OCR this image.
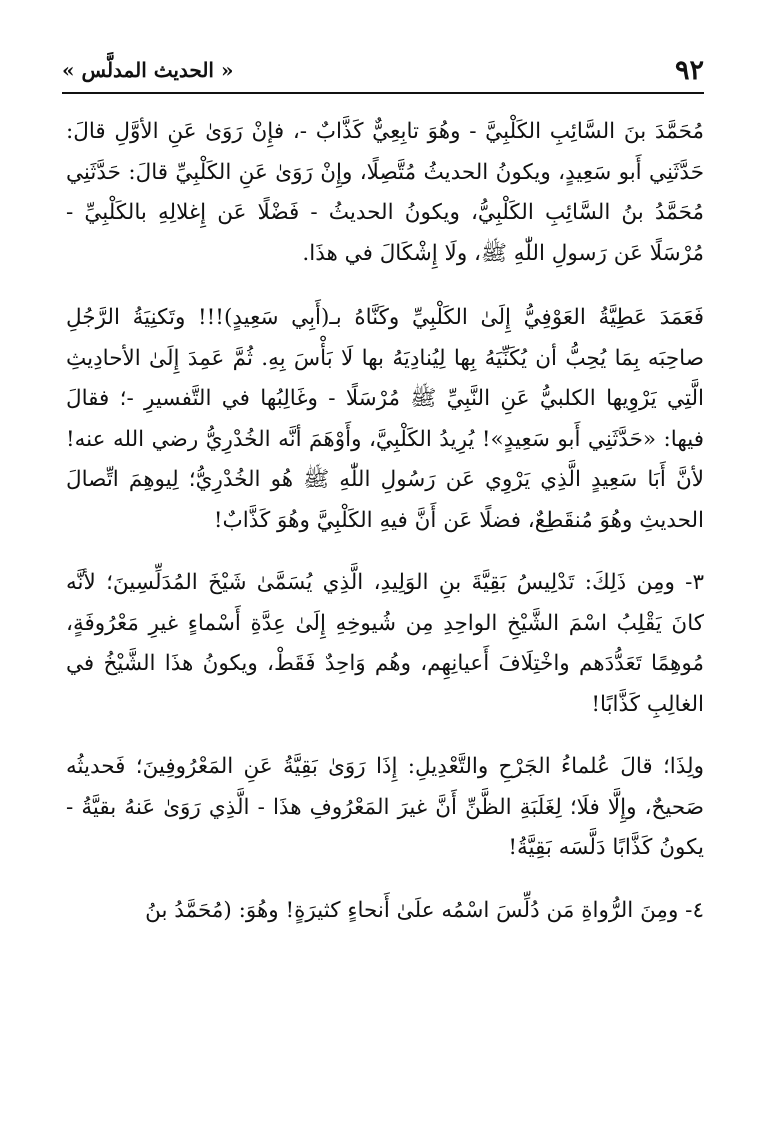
٩٢
« الحديث المدلَّس »

مُحَمَّدَ بنَ السَّائِبِ الكَلْبِيَّ - وهُوَ تابِعِيٌّ كَذَّابٌ -، فإِنْ رَوَىٰ عَنِ الأوَّلِ قالَ: حَدَّثَنِي أَبو سَعِيدٍ، ويكونُ الحديثُ مُتَّصِلًا، وإِنْ رَوَىٰ عَنِ الكَلْبِيِّ قالَ: حَدَّثَنِي مُحَمَّدُ بنُ السَّائِبِ الكَلْبِيُّ، ويكونُ الحديثُ - فَضْلًا عَن إِغلالِهِ بالكَلْبِيِّ - مُرْسَلًا عَن رَسولِ اللّٰهِ ﷺ، ولَا إِشْكَالَ في هذَا.

فَعَمَدَ عَطِيَّةُ العَوْفِيُّ إِلَىٰ الكَلْبِيِّ وكَنَّاهُ بـ(أَبِي سَعِيدٍ)!!! وتَكنِيَةُ الرَّجُلِ صاحِبَه بِمَا يُحِبُّ أن يُكَنِّيَهُ بِها لِيُنادِيَهُ بها لَا بَأْسَ بِهِ. ثُمَّ عَمِدَ إِلَىٰ الأحادِيثِ الَّتِي يَرْوِيها الكلبيُّ عَنِ النَّبِيِّ ﷺ مُرْسَلًا - وغَالِبُها في التَّفسيرِ -؛ فقالَ فيها: «حَدَّثَنِي أَبو سَعِيدٍ»! يُرِيدُ الكَلْبِيَّ، وأَوْهَمَ أنَّه الخُدْرِيُّ رضي الله عنه! لأنَّ أَبَا سَعِيدٍ الَّذِي يَرْوِي عَن رَسُولِ اللّٰهِ ﷺ هُو الخُدْرِيُّ؛ لِيوهِمَ اتِّصالَ الحديثِ وهُوَ مُنقَطِعٌ، فضلًا عَن أَنَّ فيهِ الكَلْبِيَّ وهُوَ كَذَّابٌ!

٣- ومِن ذَلِكَ: تَدْلِيسُ بَقِيَّةَ بنِ الوَلِيدِ، الَّذِي يُسَمَّىٰ شَيْخَ المُدَلِّسِينَ؛ لأنَّه كانَ يَقْلِبُ اسْمَ الشَّيْخِ الواحِدِ مِن شُيوخِهِ إِلَىٰ عِدَّةِ أَسْماءٍ غيرِ مَعْرُوفَةٍ، مُوهِمًا تَعَدُّدَهم واخْتِلَافَ أَعيانِهِم، وهُم وَاحِدٌ فَقَطْ، ويكونُ هذَا الشَّيْخُ في الغالِبِ كَذَّابًا!

ولِذَا؛ قالَ عُلماءُ الجَرْحِ والتَّعْدِيلِ: إِذَا رَوَىٰ بَقِيَّةُ عَنِ المَعْرُوفِينَ؛ فَحديثُه صَحيحٌ، وإِلَّا فلَا؛ لِغَلَبَةِ الظَّنِّ أَنَّ غيرَ المَعْرُوفِ هذَا - الَّذِي رَوَىٰ عَنهُ بقيَّةُ - يكونُ كَذَّابًا دَلَّسَه بَقِيَّةُ!

٤- ومِنَ الرُّواةِ مَن دُلِّسَ اسْمُه علَىٰ أَنحاءٍ كثيرَةٍ! وهُوَ: (مُحَمَّدُ بنُ
